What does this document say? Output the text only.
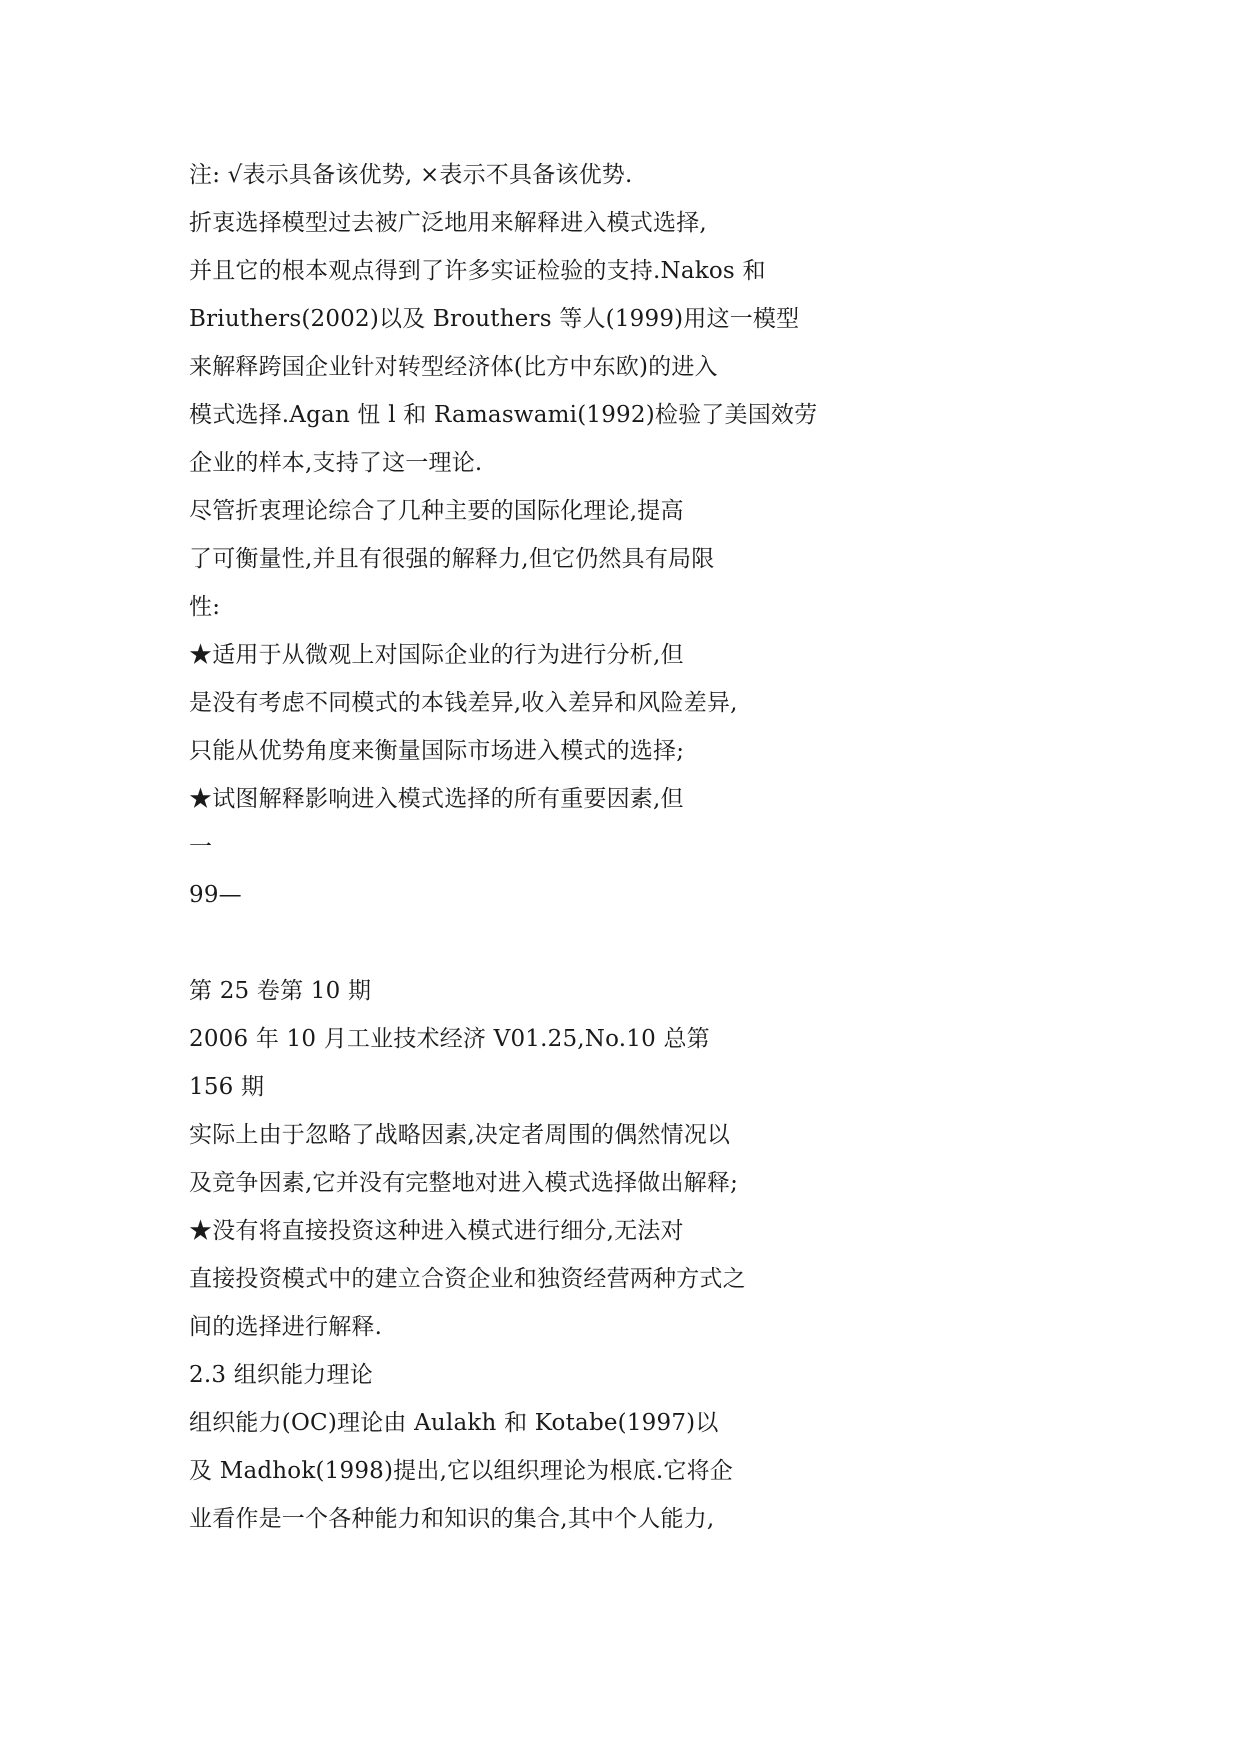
注: √表示具备该优势, ×表示不具备该优势.
折衷选择模型过去被广泛地用来解释进入模式选择,
并且它的根本观点得到了许多实证检验的支持.Nakos 和
Briuthers(2002)以及 Brouthers 等人(1999)用这一模型
来解释跨国企业针对转型经济体(比方中东欧)的进入
模式选择.Agan 忸 l 和 Ramaswami(1992)检验了美国效劳
企业的样本,支持了这一理论.
尽管折衷理论综合了几种主要的国际化理论,提高
了可衡量性,并且有很强的解释力,但它仍然具有局限
性:
★适用于从微观上对国际企业的行为进行分析,但
是没有考虑不同模式的本钱差异,收入差异和风险差异,
只能从优势角度来衡量国际市场进入模式的选择;
★试图解释影响进入模式选择的所有重要因素,但
一
99—
第 25 卷第 10 期
2006 年 10 月工业技术经济 V01.25,No.10 总第
156 期
实际上由于忽略了战略因素,决定者周围的偶然情况以
及竞争因素,它并没有完整地对进入模式选择做出解释;
★没有将直接投资这种进入模式进行细分,无法对
直接投资模式中的建立合资企业和独资经营两种方式之
间的选择进行解释.
2.3 组织能力理论
组织能力(OC)理论由 Aulakh 和 Kotabe(1997)以
及 Madhok(1998)提出,它以组织理论为根底.它将企
业看作是一个各种能力和知识的集合,其中个人能力,
